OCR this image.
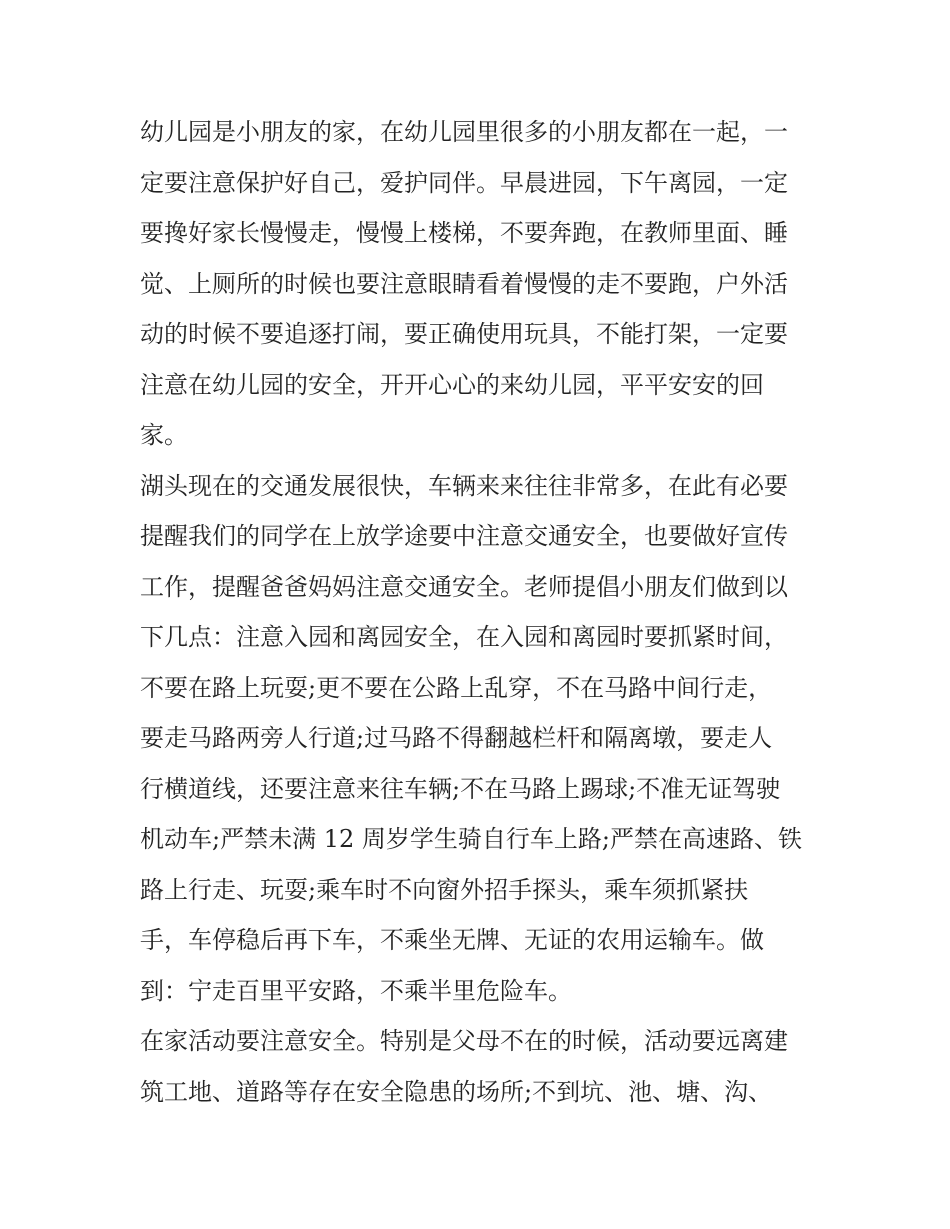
幼儿园是小朋友的家，在幼儿园里很多的小朋友都在一起，一
定要注意保护好自己，爱护同伴。早晨进园，下午离园，一定
要搀好家长慢慢走，慢慢上楼梯，不要奔跑，在教师里面、睡
觉、上厕所的时候也要注意眼睛看着慢慢的走不要跑，户外活
动的时候不要追逐打闹，要正确使用玩具，不能打架，一定要
注意在幼儿园的安全，开开心心的来幼儿园，平平安安的回
家。
湖头现在的交通发展很快，车辆来来往往非常多，在此有必要
提醒我们的同学在上放学途要中注意交通安全，也要做好宣传
工作，提醒爸爸妈妈注意交通安全。老师提倡小朋友们做到以
下几点：注意入园和离园安全，在入园和离园时要抓紧时间，
不要在路上玩耍;更不要在公路上乱穿，不在马路中间行走，
要走马路两旁人行道;过马路不得翻越栏杆和隔离墩，要走人
行横道线，还要注意来往车辆;不在马路上踢球;不准无证驾驶
机动车;严禁未满 12 周岁学生骑自行车上路;严禁在高速路、铁
路上行走、玩耍;乘车时不向窗外招手探头，乘车须抓紧扶
手，车停稳后再下车，不乘坐无牌、无证的农用运输车。做
到：宁走百里平安路，不乘半里危险车。
在家活动要注意安全。特别是父母不在的时候，活动要远离建
筑工地、道路等存在安全隐患的场所;不到坑、池、塘、沟、
